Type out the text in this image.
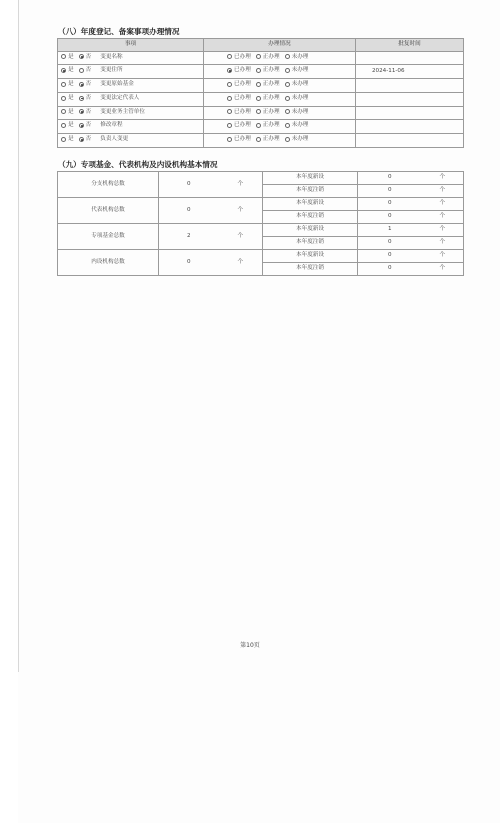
（八）年度登记、备案事项办理情况
事项	办理情况	批复时间
是 否 变更名称	已办理 正办理 未办理	
是 否 变更住所	已办理 正办理 未办理	2024-11-06
是 否 变更原始基金	已办理 正办理 未办理	
是 否 变更法定代表人	已办理 正办理 未办理	
是 否 变更业务主管单位	已办理 正办理 未办理	
是 否 修改章程	已办理 正办理 未办理	
是 否 负责人变更	已办理 正办理 未办理	
（九）专项基金、代表机构及内设机构基本情况
分支机构总数	0	个	本年度新设	0	个
			本年度注销	0	个
代表机构总数	0	个	本年度新设	0	个
			本年度注销	0	个
专项基金总数	2	个	本年度新设	1	个
			本年度注销	0	个
内设机构总数	0	个	本年度新设	0	个
			本年度注销	0	个
第10页
